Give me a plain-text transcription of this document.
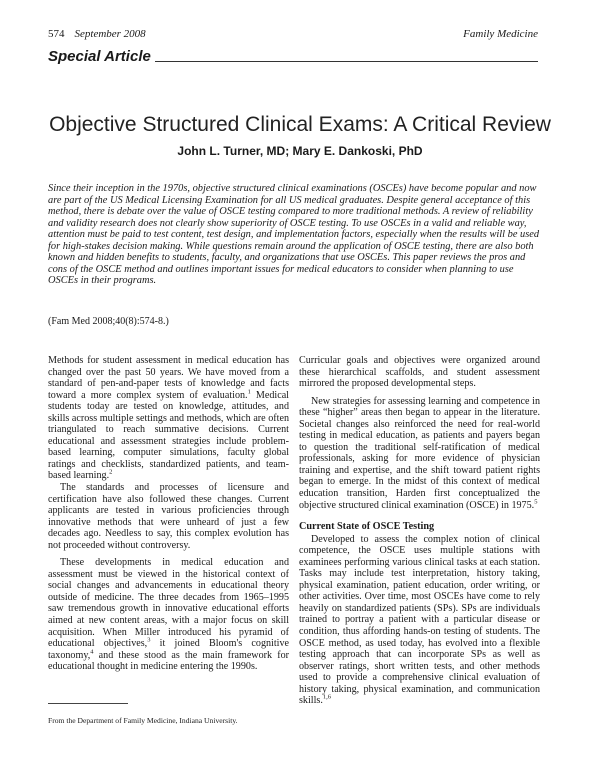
574 September 2008	Family Medicine
Special Article
Objective Structured Clinical Exams: A Critical Review
John L. Turner, MD; Mary E. Dankoski, PhD

Since their inception in the 1970s, objective structured clinical examinations (OSCEs) have become popular and now are part of the US Medical Licensing Examination for all US medical graduates. Despite general acceptance of this method, there is debate over the value of OSCE testing compared to more traditional methods. A review of reliability and validity research does not clearly show superiority of OSCE testing. To use OSCEs in a valid and reliable way, attention must be paid to test content, test design, and implementation factors, especially when the results will be used for high-stakes decision making. While questions remain around the application of OSCE testing, there are also both known and hidden benefits to students, faculty, and organizations that use OSCEs. This paper reviews the pros and cons of the OSCE method and outlines important issues for medical educators to consider when planning to use OSCEs in their programs.

(Fam Med 2008;40(8):574-8.)

Methods for student assessment in medical education has changed over the past 50 years. We have moved from a standard of pen-and-paper tests of knowledge and facts toward a more complex system of evaluation.$^1$ Medical students today are tested on knowledge, attitudes, and skills across multiple settings and methods, which are often triangulated to reach summative decisions. Current educational and assessment strategies include problem-based learning, computer simulations, faculty global ratings and checklists, standardized patients, and team-based learning.$^2$

The standards and processes of licensure and certification have also followed these changes. Current applicants are tested in various proficiencies through innovative methods that were unheard of just a few decades ago. Needless to say, this complex evolution has not proceeded without controversy.

These developments in medical education and assessment must be viewed in the historical context of social changes and advancements in educational theory outside of medicine. The three decades from 1965–1995 saw tremendous growth in innovative educational efforts aimed at new content areas, with a major focus on skill acquisition. When Miller introduced his pyramid of educational objectives,$^3$ it joined Bloom's cognitive taxonomy,$^4$ and these stood as the main framework for educational thought in medicine entering the 1990s.

Curricular goals and objectives were organized around these hierarchical scaffolds, and student assessment mirrored the proposed developmental steps.

New strategies for assessing learning and competence in these “higher” areas then began to appear in the literature. Societal changes also reinforced the need for real-world testing in medical education, as patients and payers began to question the traditional self-ratification of medical professionals, asking for more evidence of physician training and expertise, and the shift toward patient rights began to emerge. In the midst of this context of medical education transition, Harden first conceptualized the objective structured clinical examination (OSCE) in 1975.$^5$

Current State of OSCE Testing

Developed to assess the complex notion of clinical competence, the OSCE uses multiple stations with examinees performing various clinical tasks at each station. Tasks may include test interpretation, history taking, physical examination, patient education, order writing, or other activities. Over time, most OSCEs have come to rely heavily on standardized patients (SPs). SPs are individuals trained to portray a patient with a particular disease or condition, thus affording hands-on testing of students. The OSCE method, as used today, has evolved into a flexible testing approach that can incorporate SPs as well as observer ratings, short written tests, and other methods used to provide a comprehensive clinical evaluation of history taking, physical examination, and communication skills.$^{1,6}$

From the Department of Family Medicine, Indiana University.
